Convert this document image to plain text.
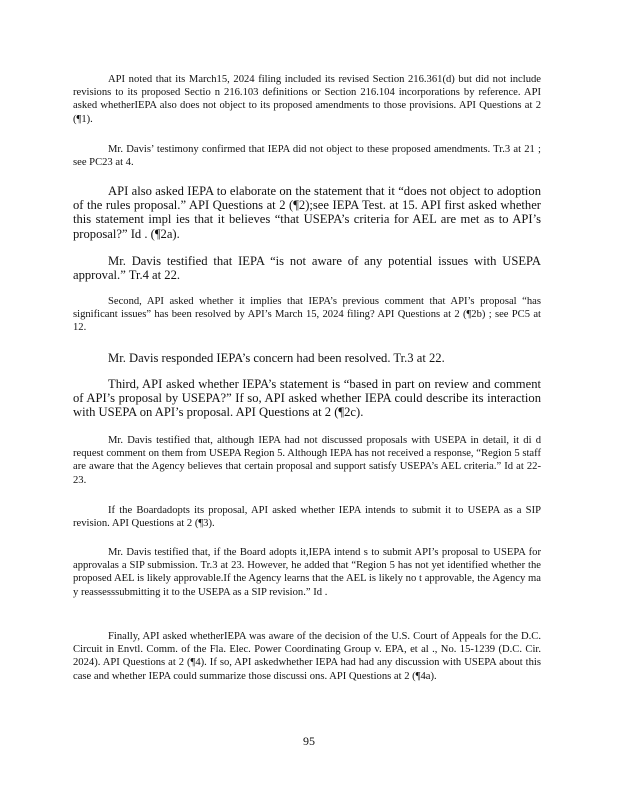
API noted that its March15, 2024 filing included its revised Section 216.361(d) but did not include revisions to its proposed Sectio n 216.103 definitions or Section 216.104 incorporations by reference. API asked whetherIEPA also does not object to its proposed amendments to those provisions. API Questions at 2 (¶1).

Mr. Davis’ testimony confirmed that IEPA did not object to these proposed amendments. Tr.3 at 21 ; see PC23 at 4.

API also asked IEPA to elaborate on the statement that it “does not object to adoption of the rules proposal.” API Questions at 2 (¶2);see IEPA Test. at 15. API first asked whether this statement impl ies that it believes “that USEPA’s criteria for AEL are met as to API’s proposal?” Id . (¶2a).

Mr. Davis testified that IEPA “is not aware of any potential issues with USEPA approval.” Tr.4 at 22.

Second, API asked whether it implies that IEPA’s previous comment that API’s proposal “has significant issues” has been resolved by API’s March 15, 2024 filing? API Questions at 2 (¶2b) ; see PC5 at 12.

Mr. Davis responded IEPA’s concern had been resolved. Tr.3 at 22.

Third, API asked whether IEPA’s statement is “based in part on review and comment of API’s proposal by USEPA?” If so, API asked whether IEPA could describe its interaction with USEPA on API’s proposal. API Questions at 2 (¶2c).

Mr. Davis testified that, although IEPA had not discussed proposals with USEPA in detail, it di d request comment on them from USEPA Region 5. Although IEPA has not received a response, “Region 5 staff are aware that the Agency believes that certain proposal and support satisfy USEPA’s AEL criteria.” Id at 22-23.

If the Boardadopts its proposal, API asked whether IEPA intends to submit it to USEPA as a SIP revision. API Questions at 2 (¶3).

Mr. Davis testified that, if the Board adopts it,IEPA intend s to submit API’s proposal to USEPA for approvalas a SIP submission. Tr.3 at 23. However, he added that “Region 5 has not yet identified whether the proposed AEL is likely approvable.If the Agency learns that the AEL is likely no t approvable, the Agency ma y reassesssubmitting it to the USEPA as a SIP revision.” Id .

Finally, API asked whetherIEPA was aware of the decision of the U.S. Court of Appeals for the D.C. Circuit in Envtl. Comm. of the Fla. Elec. Power Coordinating Group v. EPA, et al ., No. 15-1239 (D.C. Cir. 2024). API Questions at 2 (¶4). If so, API askedwhether IEPA had had any discussion with USEPA about this case and whether IEPA could summarize those discussi ons. API Questions at 2 (¶4a).

95
